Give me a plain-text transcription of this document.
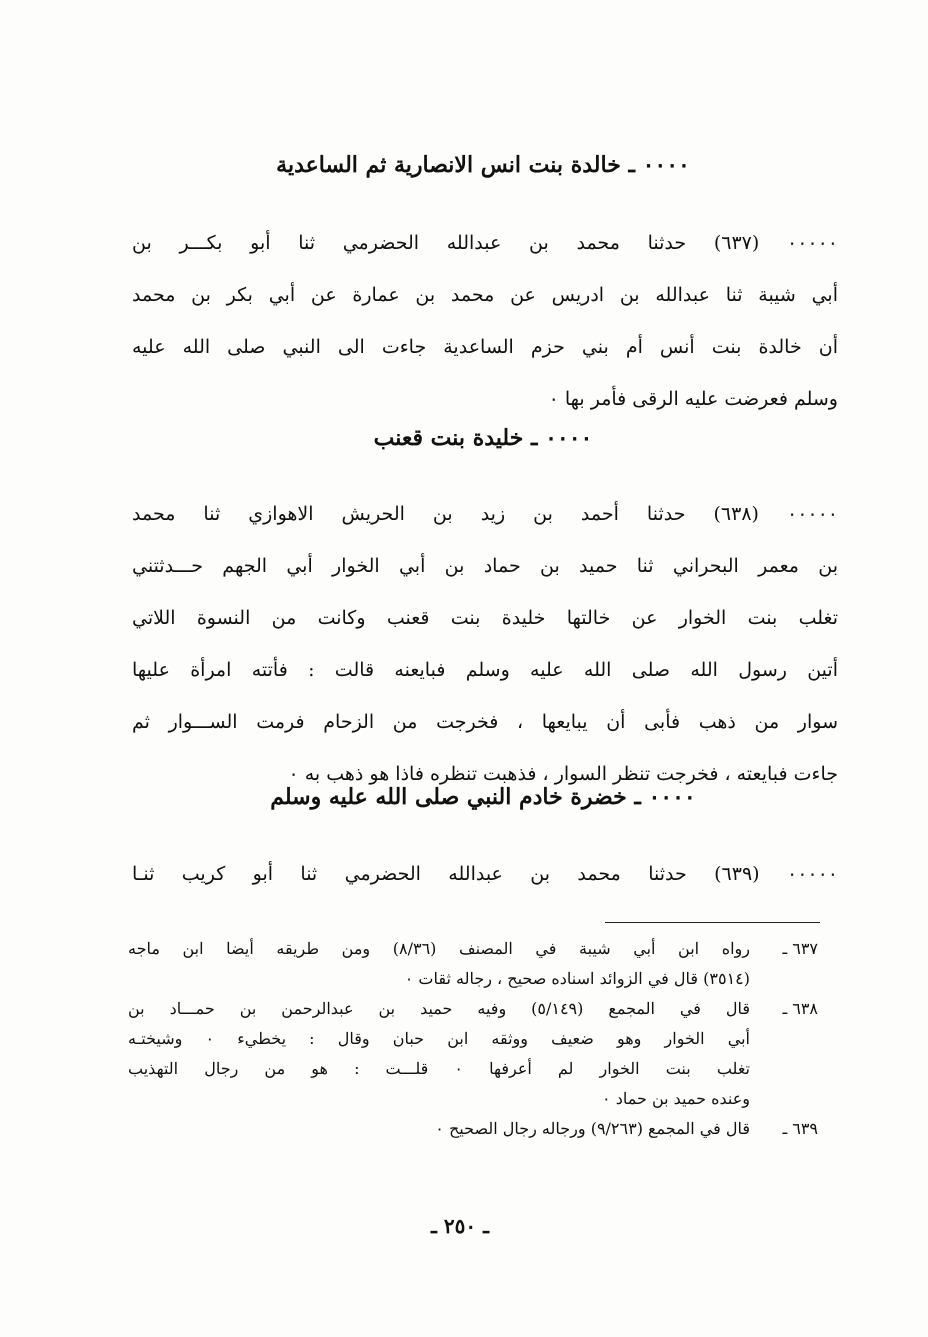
٠٠٠٠ ـ خالدة بنت انس الانصارية ثم الساعدية
٠٠٠٠٠ (٦٣٧) حدثنا محمد بن عبدالله الحضرمي ثنا أبو بكـــر بن
أبي شيبة ثنا عبدالله بن ادريس عن محمد بن عمارة عن أبي بكر بن محمد
أن خالدة بنت أنس أم بني حزم الساعدية جاءت الى النبي صلى الله عليه
وسلم فعرضت عليه الرقى فأمر بها ٠
٠٠٠٠ ـ خليدة بنت قعنب
٠٠٠٠٠ (٦٣٨) حدثنا أحمد بن زيد بن الحريش الاهوازي ثنا محمد
بن معمر البحراني ثنا حميد بن حماد بن أبي الخوار أبي الجهم حـــدثتني
تغلب بنت الخوار عن خالتها خليدة بنت قعنب وكانت من النسوة اللاتي
أتين رسول الله صلى الله عليه وسلم فبايعنه قالت : فأتته امرأة عليها
سوار من ذهب فأبى أن يبايعها ، فخرجت من الزحام فرمت الســـوار ثم
جاءت فبايعته ، فخرجت تنظر السوار ، فذهبت تنظره فاذا هو ذهب به ٠
٠٠٠٠ ـ خضرة خادم النبي صلى الله عليه وسلم
٠٠٠٠٠ (٦٣٩) حدثنا محمد بن عبدالله الحضرمي ثنا أبو كريب ثنـا
٦٣٧ ـ
رواه ابن أبي شيبة في المصنف (٨/٣٦) ومن طريقه أيضا ابن ماجه
(٣٥١٤) قال في الزوائد اسناده صحيح ، رجاله ثقات ٠
٦٣٨ ـ
قال في المجمع (٥/١٤٩) وفيه حميد بن عبدالرحمن بن حمـــاد بن
أبي الخوار وهو ضعيف ووثقه ابن حبان وقال : يخطيء ٠ وشيختـه
تغلب بنت الخوار لم أعرفها ٠ قلـــت : هو من رجال التهذيب
وعنده حميد بن حماد ٠
٦٣٩ ـ
قال في المجمع (٩/٢٦٣) ورجاله رجال الصحيح ٠
ـ ٢٥٠ ـ
